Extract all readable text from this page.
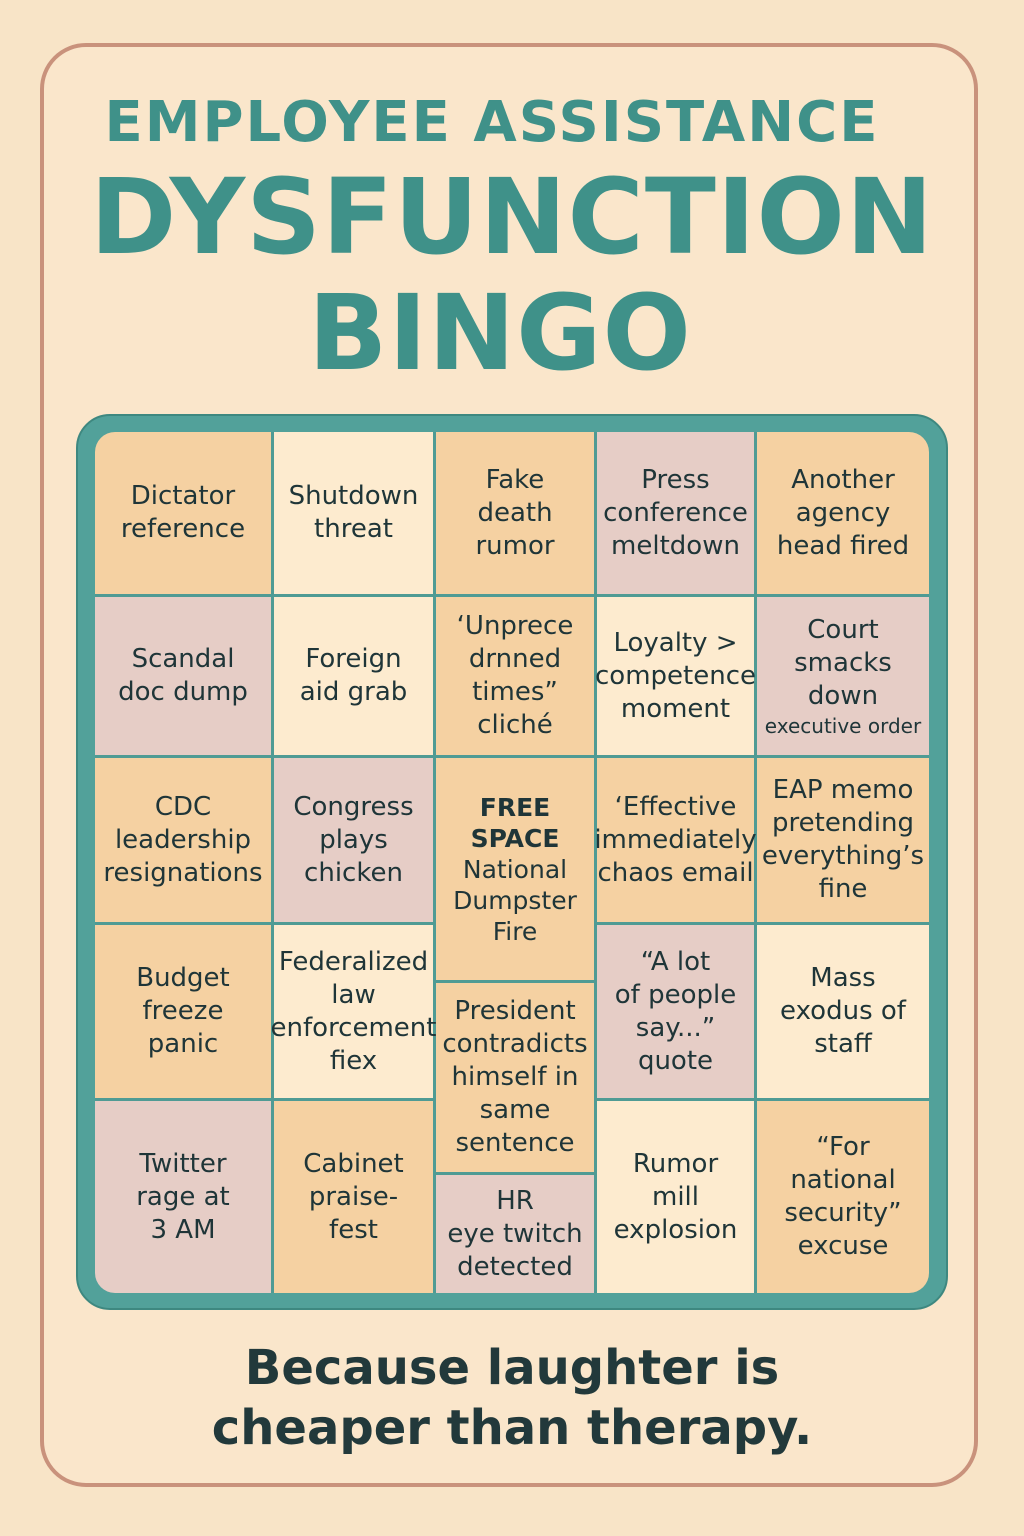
EMPLOYEE ASSISTANCE
DYSFUNCTION
BINGO
Dictator
reference
Shutdown
threat
Fake
death
rumor
Press
conference
meltdown
Another
agency
head fired
Scandal
doc dump
Foreign
aid grab
‘Unprece
drnned
times”
cliché
Loyalty >
competence
moment
Court
smacks
down
executive order
CDC
leadership
resignations
Congress
plays
chicken
FREE
SPACE
National
Dumpster
Fire
‘Effective
immediately
chaos email
EAP memo
pretending
everything’s
fine
Budget
freeze
panic
Federalized
law
enforcement
fiex
President
contradicts
himself in
same
sentence
“A lot
of people
say...”
quote
Mass
exodus of
staff
Twitter
rage at
3 AM
Cabinet
praise-
fest
HR
eye twitch
detected
Rumor
mill
explosion
“For
national
security”
excuse

Because laughter is

cheaper than therapy.
